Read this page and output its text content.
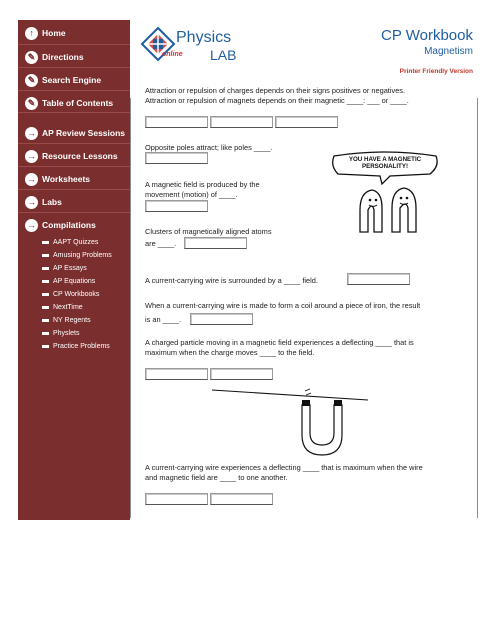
↑ Home
✎ Directions
✎ Search Engine
✎ Table of Contents
→ AP Review Sessions
→ Resource Lessons
→ Worksheets
→ Labs
→ Compilations
AAPT Quizzes
Amusing Problems
AP Essays
AP Equations
CP Workbooks
NextTime
NY Regents
Physlets
Practice Problems
Physics
online LAB
CP Workbook
Magnetism
Printer Friendly Version
Attraction or repulsion of charges depends on their signs positives or negatives.
Attraction or repulsion of magnets depends on their magnetic ____: ___ or ____.
Opposite poles attract; like poles ____.
A magnetic field is produced by the
movement (motion) of ____.
Clusters of magnetically aligned atoms
are ____.
YOU HAVE A MAGNETIC PERSONALITY!
A current-carrying wire is surrounded by a ____ field.
When a current-carrying wire is made to form a coil around a piece of iron, the result
is an ____.
A charged particle moving in a magnetic field experiences a deflecting ____ that is
maximum when the charge moves ____ to the field.
A current-carrying wire experiences a deflecting ____ that is maximum when the wire
and magnetic field are ____ to one another.
